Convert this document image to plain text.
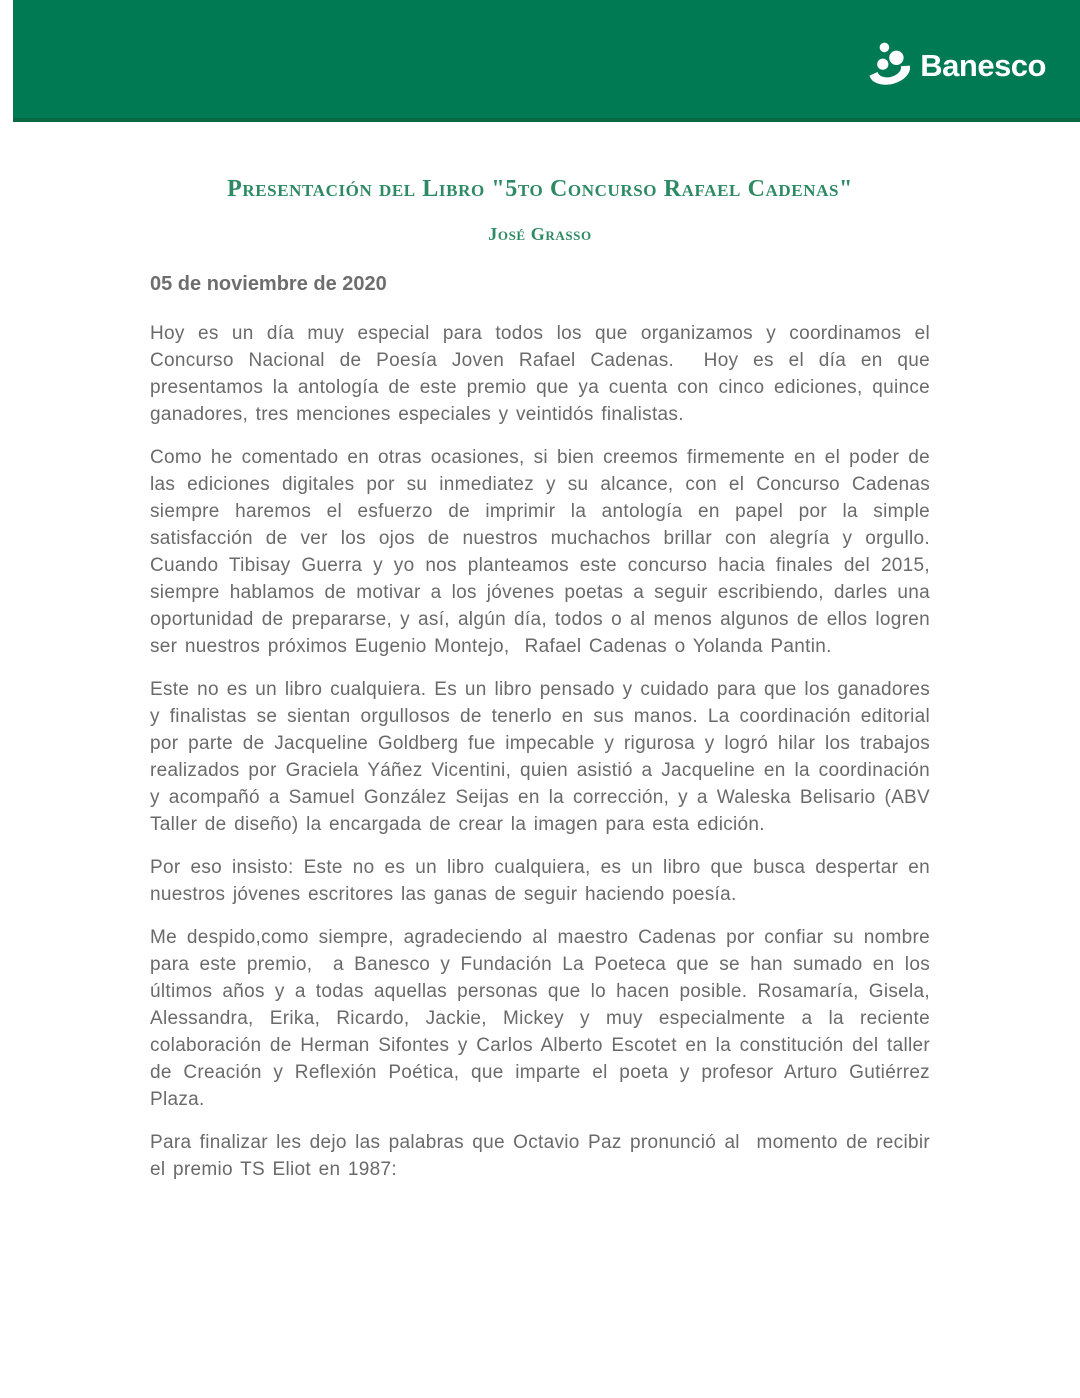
Banesco
Presentación del Libro "5to Concurso Rafael Cadenas"
José Grasso
05 de noviembre de 2020

Hoy es un día muy especial para todos los que organizamos y coordinamos el Concurso Nacional de Poesía Joven Rafael Cadenas.  Hoy es el día en que presentamos la antología de este premio que ya cuenta con cinco ediciones, quince ganadores, tres menciones especiales y veintidós finalistas.

Como he comentado en otras ocasiones, si bien creemos firmemente en el poder de las ediciones digitales por su inmediatez y su alcance, con el Concurso Cadenas siempre haremos el esfuerzo de imprimir la antología en papel por la simple satisfacción de ver los ojos de nuestros muchachos brillar con alegría y orgullo. Cuando Tibisay Guerra y yo nos planteamos este concurso hacia finales del 2015, siempre hablamos de motivar a los jóvenes poetas a seguir escribiendo, darles una oportunidad de prepararse, y así, algún día, todos o al menos algunos de ellos logren ser nuestros próximos Eugenio Montejo,  Rafael Cadenas o Yolanda Pantin.

Este no es un libro cualquiera. Es un libro pensado y cuidado para que los ganadores y finalistas se sientan orgullosos de tenerlo en sus manos. La coordinación editorial por parte de Jacqueline Goldberg fue impecable y rigurosa y logró hilar los trabajos realizados por Graciela Yáñez Vicentini, quien asistió a Jacqueline en la coordinación y acompañó a Samuel González Seijas en la corrección, y a Waleska Belisario (ABV Taller de diseño) la encargada de crear la imagen para esta edición.

Por eso insisto: Este no es un libro cualquiera, es un libro que busca despertar en nuestros jóvenes escritores las ganas de seguir haciendo poesía.

Me despido,como siempre, agradeciendo al maestro Cadenas por confiar su nombre para este premio,  a Banesco y Fundación La Poeteca que se han sumado en los últimos años y a todas aquellas personas que lo hacen posible. Rosamaría, Gisela, Alessandra, Erika, Ricardo, Jackie, Mickey y muy especialmente a la reciente colaboración de Herman Sifontes y Carlos Alberto Escotet en la constitución del taller de Creación y Reflexión Poética, que imparte el poeta y profesor Arturo Gutiérrez Plaza.

Para finalizar les dejo las palabras que Octavio Paz pronunció al  momento de recibir el premio TS Eliot en 1987:
